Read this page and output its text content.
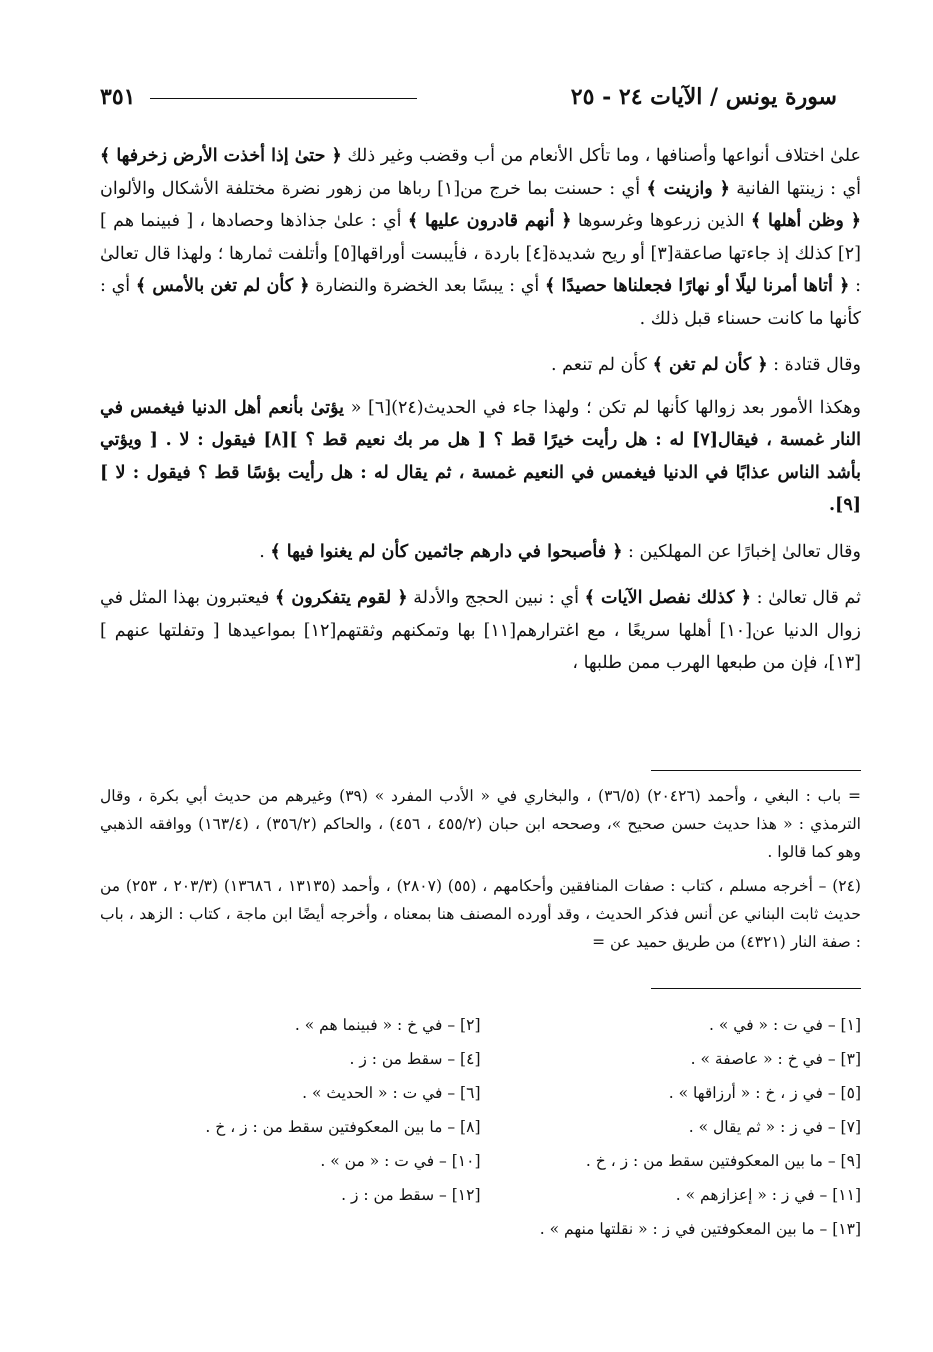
سورة يونس / الآيات ٢٤ - ٢٥
٣٥١

علىٰ اختلاف أنواعها وأصنافها ، وما تأكل الأنعام من أب وقضب وغير ذلك ﴿ حتىٰ إذا أخذت الأرض زخرفها ﴾ أي : زينتها الفانية ﴿ وازينت ﴾ أي : حسنت بما خرج من[١] رباها من زهور نضرة مختلفة الأشكال والألوان ﴿ وظن أهلها ﴾ الذين زرعوها وغرسوها ﴿ أنهم قادرون عليها ﴾ أي : علىٰ جذاذها وحصادها ، [ فبينما هم ][٢] كذلك إذ جاءتها صاعقة[٣] أو ريح شديدة[٤] باردة ، فأيبست أوراقها[٥] وأتلفت ثمارها ؛ ولهذا قال تعالىٰ : ﴿ أتاها أمرنا ليلًا أو نهارًا فجعلناها حصيدًا ﴾ أي : يبسًا بعد الخضرة والنضارة ﴿ كأن لم تغن بالأمس ﴾ أي : كأنها ما كانت حسناء قبل ذلك .

وقال قتادة : ﴿ كأن لم تغن ﴾ كأن لم تنعم .

وهكذا الأمور بعد زوالها كأنها لم تكن ؛ ولهذا جاء في الحديث(٢٤)[٦] « يؤتىٰ بأنعم أهل الدنيا فيغمس في النار غمسة ، فيقال[٧] له : هل رأيت خيرًا قط ؟ [ هل مر بك نعيم قط ؟ ][٨] فيقول : لا . [ ويؤتي بأشد الناس عذابًا في الدنيا فيغمس في النعيم غمسة ، ثم يقال له : هل رأيت بؤسًا قط ؟ فيقول : لا ][٩].

وقال تعالىٰ إخبارًا عن المهلكين : ﴿ فأصبحوا في دارهم جاثمين كأن لم يغنوا فيها ﴾ .

ثم قال تعالىٰ : ﴿ كذلك نفصل الآيات ﴾ أي : نبين الحجج والأدلة ﴿ لقوم يتفكرون ﴾ فيعتبرون بهذا المثل في زوال الدنيا عن[١٠] أهلها سريعًا ، مع اغترارهم[١١] بها وتمكنهم وثقتهم[١٢] بمواعيدها [ وتفلتها عنهم ][١٣]، فإن من طبعها الهرب ممن طلبها ،

= باب : البغي ، وأحمد (٢٠٤٢٦) (٣٦/٥) ، والبخاري في « الأدب المفرد » (٣٩) وغيرهم من حديث أبي بكرة ، وقال الترمذي : « هذا حديث حسن صحيح »، وصححه ابن حبان (٤٥٥/٢ ، ٤٥٦) ، والحاكم (٣٥٦/٢) ، (١٦٣/٤) ووافقه الذهبي وهو كما قالوا .

(٢٤) – أخرجه مسلم ، كتاب : صفات المنافقين وأحكامهم ، (٥٥) (٢٨٠٧) ، وأحمد (١٣١٣٥ ، ١٣٦٨٦) (٢٠٣/٣ ، ٢٥٣) من حديث ثابت البناني عن أنس فذكر الحديث ، وقد أورده المصنف هنا بمعناه ، وأخرجه أيضًا ابن ماجة ، كتاب : الزهد ، باب : صفة النار (٤٣٢١) من طريق حميد عن =

[١] – في ت : « في » .
[٢] – في خ : « فبينما هم » .
[٣] – في خ : « عاصفة » .
[٤] – سقط من : ز .
[٥] – في ز ، خ : « أرزاقها » .
[٦] – في ت : « الحديث » .
[٧] – في ز : « ثم يقال » .
[٨] – ما بين المعكوفتين سقط من : ز ، خ .
[٩] – ما بين المعكوفتين سقط من : ز ، خ .
[١٠] – في ت : « من » .
[١١] – في ز : « إعزازهم » .
[١٢] – سقط من : ز .
[١٣] – ما بين المعكوفتين في ز : « نقلتها منهم » .
